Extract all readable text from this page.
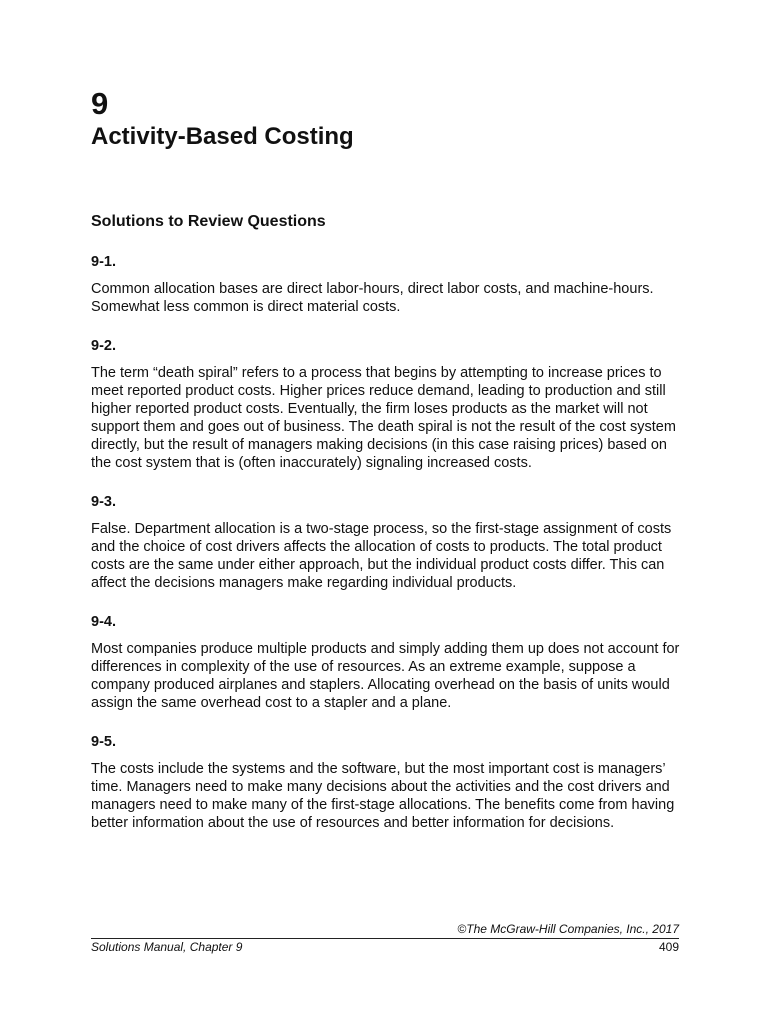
9
Activity-Based Costing
Solutions to Review Questions
9-1.

Common allocation bases are direct labor-hours, direct labor costs, and machine-hours. Somewhat less common is direct material costs.

9-2.

The term “death spiral” refers to a process that begins by attempting to increase prices to meet reported product costs. Higher prices reduce demand, leading to production and still higher reported product costs. Eventually, the firm loses products as the market will not support them and goes out of business. The death spiral is not the result of the cost system directly, but the result of managers making decisions (in this case raising prices) based on the cost system that is (often inaccurately) signaling increased costs.

9-3.

False. Department allocation is a two-stage process, so the first-stage assignment of costs and the choice of cost drivers affects the allocation of costs to products. The total product costs are the same under either approach, but the individual product costs differ. This can affect the decisions managers make regarding individual products.

9-4.

Most companies produce multiple products and simply adding them up does not account for differences in complexity of the use of resources. As an extreme example, suppose a company produced airplanes and staplers. Allocating overhead on the basis of units would assign the same overhead cost to a stapler and a plane.

9-5.

The costs include the systems and the software, but the most important cost is managers’ time. Managers need to make many decisions about the activities and the cost drivers and managers need to make many of the first-stage allocations. The benefits come from having better information about the use of resources and better information for decisions.

©The McGraw-Hill Companies, Inc., 2017
Solutions Manual, Chapter 9	409
